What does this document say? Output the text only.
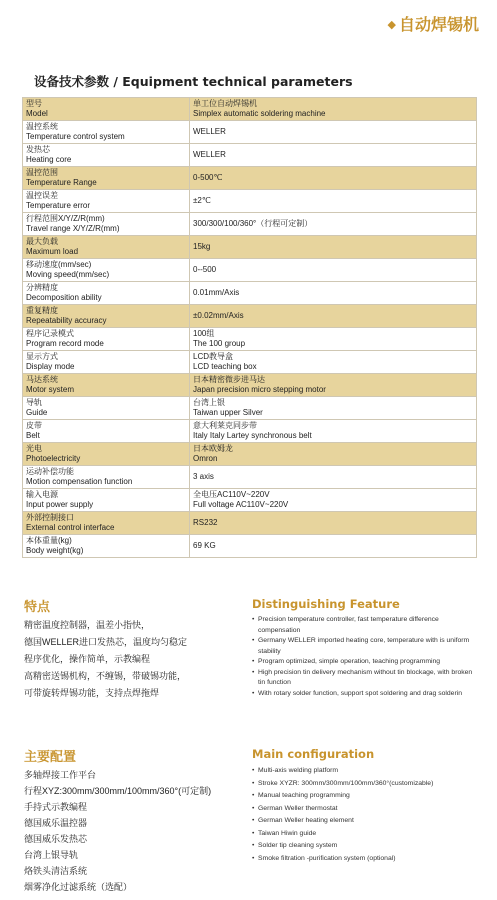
◆ 自动焊锡机
设备技术参数 / Equipment technical parameters
型号
Model	单工位自动焊锡机
Simplex automatic soldering machine

温控系统
Temperature control system	WELLER

发热芯
Heating core	WELLER

温控范围
Temperature Range	0-500℃

温控误差
Temperature error	±2℃

行程范围X/Y/Z/R(mm)
Travel range X/Y/Z/R(mm)	300/300/100/360°（行程可定制）

最大负载
Maximum load	15kg

移动速度(mm/sec)
Moving speed(mm/sec)	0--500

分辨精度
Decomposition ability	0.01mm/Axis

重复精度
Repeatability accuracy	±0.02mm/Axis

程序记录模式
Program record mode	100组
The 100 group

显示方式
Display mode	LCD教导盒
LCD teaching box

马达系统
Motor system	日本精密微步进马达
Japan precision micro stepping motor

导轨
Guide	台湾上银
Taiwan upper Silver

皮带
Belt	意大利莱克同步带
Italy Italy Lartey synchronous belt

光电
Photoelectricity	日本欧姆龙
Omron

运动补偿功能
Motion compensation function	3 axis

输入电源
Input power supply	全电压AC110V~220V
Full voltage AC110V~220V

外部控制接口
External control interface	RS232

本体重量(kg)
Body weight(kg)	69 KG
特点
精密温度控制器，温差小指快，
德国WELLER进口发热芯，温度均匀稳定
程序优化，操作简单，示教编程
高精密送锡机构，不缠锡，带破锡功能，
可带旋转焊锡功能，支持点焊拖焊
Distinguishing Feature
• Precision temperature controller, fast temperature difference compensation
• Germany WELLER imported heating core, temperature with is uniform stability
• Program optimized, simple operation, teaching programming
• High precision tin delivery mechanism without tin blockage, with broken tin function
• With rotary solder function, support spot soldering and drag solderin
主要配置
多轴焊接工作平台
行程XYZ:300mm/300mm/100mm/360°(可定制)
手持式示教编程
德国威乐温控器
德国威乐发热芯
台湾上银导轨
烙铁头清洁系统
烟雾净化过滤系统（选配）
Main configuration
• Multi-axis welding platform
• Stroke XYZR: 300mm/300mm/100mm/360°(customizable)
• Manual teaching programming
• German Weller thermostat
• German Weller heating element
• Taiwan Hiwin guide
• Solder tip cleaning system
• Smoke filtration -purification system (optional)
